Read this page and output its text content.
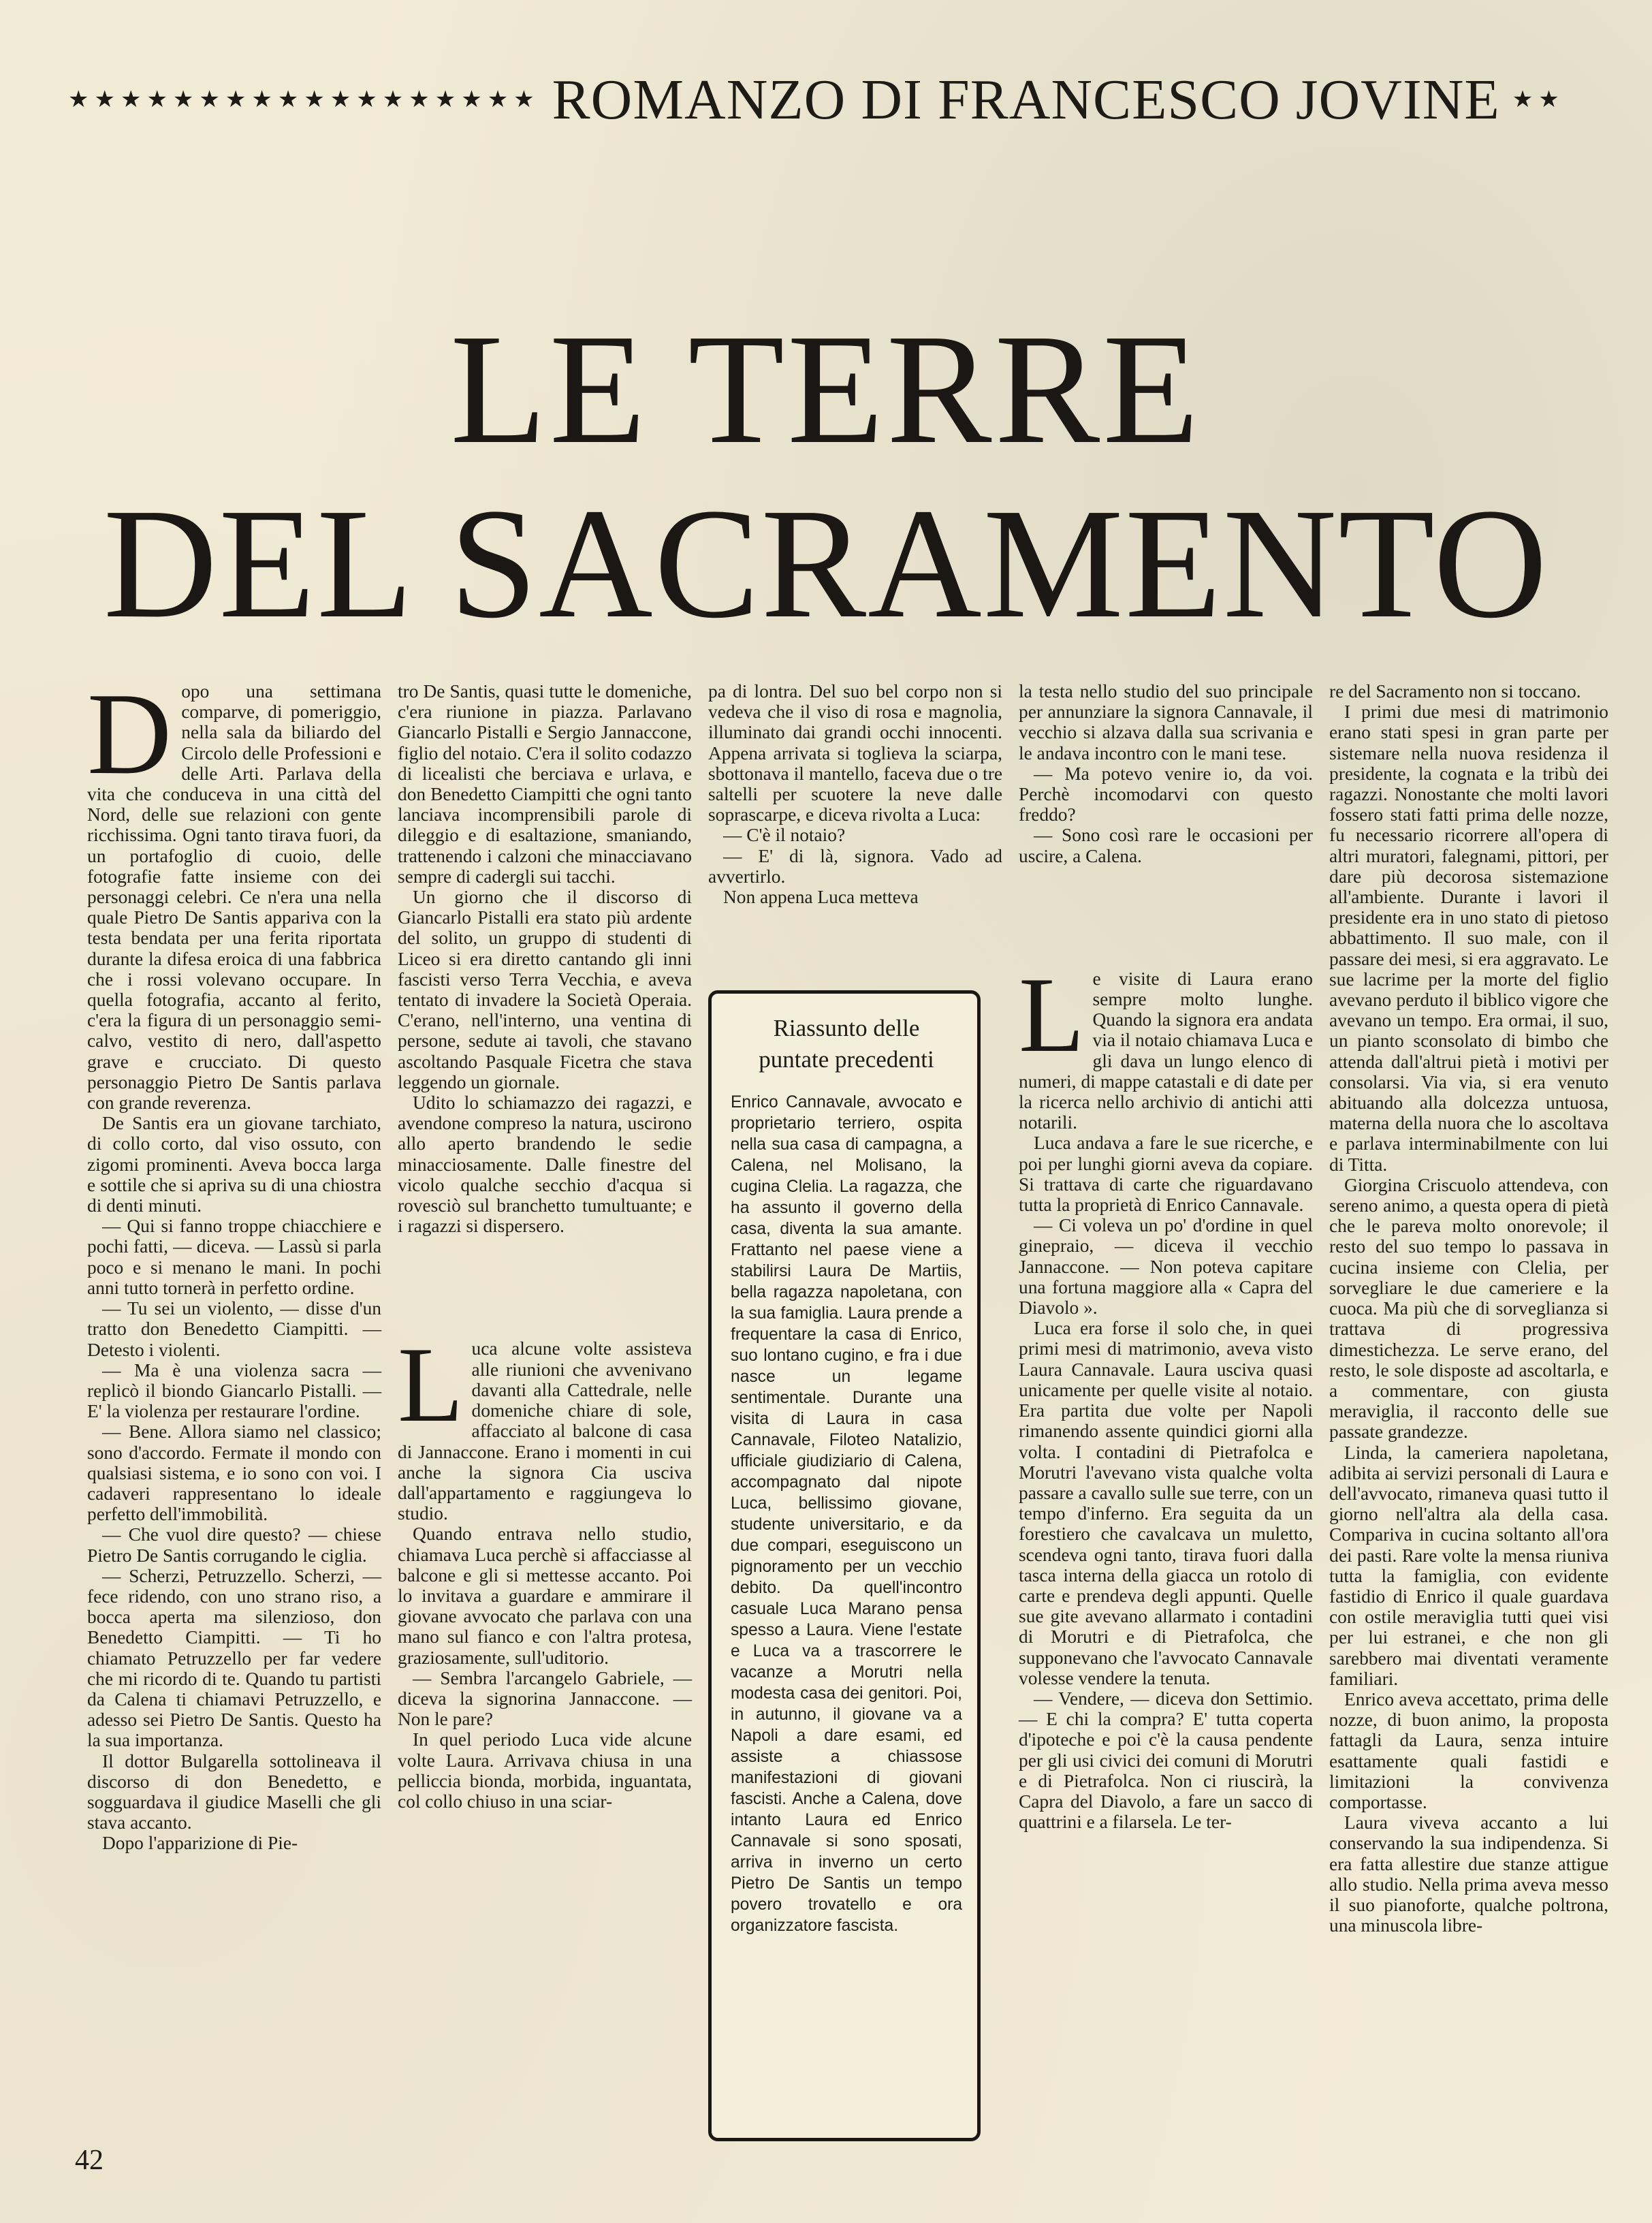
★★★★★★★★★★★★★★★★★★ ROMANZO DI FRANCESCO JOVINE ★★
LE TERRE
DEL SACRAMENTO
D opo una settimana comparve, di pomeriggio, nella sala da biliardo del Circolo delle Professioni e delle Arti. Parlava della vita che conduceva in una città del Nord, delle sue relazioni con gente ricchissima. Ogni tanto tirava fuori, da un portafoglio di cuoio, delle fotografie fatte insieme con dei personaggi celebri. Ce n'era una nella quale Pietro De Santis appariva con la testa bendata per una ferita riportata durante la difesa eroica di una fabbrica che i rossi volevano occupare. In quella fotografia, accanto al ferito, c'era la figura di un personaggio semi-calvo, vestito di nero, dall'aspetto grave e crucciato. Di questo personaggio Pietro De Santis parlava con grande reverenza.

De Santis era un giovane tarchiato, di collo corto, dal viso ossuto, con zigomi prominenti. Aveva bocca larga e sottile che si apriva su di una chiostra di denti minuti.

— Qui si fanno troppe chiacchiere e pochi fatti, — diceva. — Lassù si parla poco e si menano le mani. In pochi anni tutto tornerà in perfetto ordine.

— Tu sei un violento, — disse d'un tratto don Benedetto Ciampitti. — Detesto i violenti.

— Ma è una violenza sacra — replicò il biondo Giancarlo Pistalli. — E' la violenza per restaurare l'ordine.

— Bene. Allora siamo nel classico; sono d'accordo. Fermate il mondo con qualsiasi sistema, e io sono con voi. I cadaveri rappresentano lo ideale perfetto dell'immobilità.

— Che vuol dire questo? — chiese Pietro De Santis corrugando le ciglia.

— Scherzi, Petruzzello. Scherzi, — fece ridendo, con uno strano riso, a bocca aperta ma silenzioso, don Benedetto Ciampitti. — Ti ho chiamato Petruzzello per far vedere che mi ricordo di te. Quando tu partisti da Calena ti chiamavi Petruzzello, e adesso sei Pietro De Santis. Questo ha la sua importanza.

Il dottor Bulgarella sottolineava il discorso di don Benedetto, e sogguardava il giudice Maselli che gli stava accanto.

Dopo l'apparizione di Pie-

tro De Santis, quasi tutte le domeniche, c'era riunione in piazza. Parlavano Giancarlo Pistalli e Sergio Jannaccone, figlio del notaio. C'era il solito codazzo di licealisti che berciava e urlava, e don Benedetto Ciampitti che ogni tanto lanciava incomprensibili parole di dileggio e di esaltazione, smaniando, trattenendo i calzoni che minacciavano sempre di cadergli sui tacchi.

Un giorno che il discorso di Giancarlo Pistalli era stato più ardente del solito, un gruppo di studenti di Liceo si era diretto cantando gli inni fascisti verso Terra Vecchia, e aveva tentato di invadere la Società Operaia. C'erano, nell'interno, una ventina di persone, sedute ai tavoli, che stavano ascoltando Pasquale Ficetra che stava leggendo un giornale.

Udito lo schiamazzo dei ragazzi, e avendone compreso la natura, uscirono allo aperto brandendo le sedie minacciosamente. Dalle finestre del vicolo qualche secchio d'acqua si rovesciò sul branchetto tumultuante; e i ragazzi si dispersero.

L uca alcune volte assisteva alle riunioni che avvenivano davanti alla Cattedrale, nelle domeniche chiare di sole, affacciato al balcone di casa di Jannaccone. Erano i momenti in cui anche la signora Cia usciva dall'appartamento e raggiungeva lo studio.

Quando entrava nello studio, chiamava Luca perchè si affacciasse al balcone e gli si mettesse accanto. Poi lo invitava a guardare e ammirare il giovane avvocato che parlava con una mano sul fianco e con l'altra protesa, graziosamente, sull'uditorio.

— Sembra l'arcangelo Gabriele, — diceva la signorina Jannaccone. — Non le pare?

In quel periodo Luca vide alcune volte Laura. Arrivava chiusa in una pelliccia bionda, morbida, inguantata, col collo chiuso in una sciar-

pa di lontra. Del suo bel corpo non si vedeva che il viso di rosa e magnolia, illuminato dai grandi occhi innocenti. Appena arrivata si toglieva la sciarpa, sbottonava il mantello, faceva due o tre saltelli per scuotere la neve dalle soprascarpe, e diceva rivolta a Luca:

— C'è il notaio?

— E' di là, signora. Vado ad avvertirlo.

Non appena Luca metteva

Riassunto delle
puntate precedenti

Enrico Cannavale, avvocato e proprietario terriero, ospita nella sua casa di campagna, a Calena, nel Molisano, la cugina Clelia. La ragazza, che ha assunto il governo della casa, diventa la sua amante. Frattanto nel paese viene a stabilirsi Laura De Martiis, bella ragazza napoletana, con la sua famiglia. Laura prende a frequentare la casa di Enrico, suo lontano cugino, e fra i due nasce un legame sentimentale. Durante una visita di Laura in casa Cannavale, Filoteo Natalizio, ufficiale giudiziario di Calena, accompagnato dal nipote Luca, bellissimo giovane, studente universitario, e da due compari, eseguiscono un pignoramento per un vecchio debito. Da quell'incontro casuale Luca Marano pensa spesso a Laura. Viene l'estate e Luca va a trascorrere le vacanze a Morutri nella modesta casa dei genitori. Poi, in autunno, il giovane va a Napoli a dare esami, ed assiste a chiassose manifestazioni di giovani fascisti. Anche a Calena, dove intanto Laura ed Enrico Cannavale si sono sposati, arriva in inverno un certo Pietro De Santis un tempo povero trovatello e ora organizzatore fascista.

la testa nello studio del suo principale per annunziare la signora Cannavale, il vecchio si alzava dalla sua scrivania e le andava incontro con le mani tese.

— Ma potevo venire io, da voi. Perchè incomodarvi con questo freddo?

— Sono così rare le occasioni per uscire, a Calena.

L e visite di Laura erano sempre molto lunghe. Quando la signora era andata via il notaio chiamava Luca e gli dava un lungo elenco di numeri, di mappe catastali e di date per la ricerca nello archivio di antichi atti notarili.

Luca andava a fare le sue ricerche, e poi per lunghi giorni aveva da copiare. Si trattava di carte che riguardavano tutta la proprietà di Enrico Cannavale.

— Ci voleva un po' d'ordine in quel ginepraio, — diceva il vecchio Jannaccone. — Non poteva capitare una fortuna maggiore alla « Capra del Diavolo ».

Luca era forse il solo che, in quei primi mesi di matrimonio, aveva visto Laura Cannavale. Laura usciva quasi unicamente per quelle visite al notaio. Era partita due volte per Napoli rimanendo assente quindici giorni alla volta. I contadini di Pietrafolca e Morutri l'avevano vista qualche volta passare a cavallo sulle sue terre, con un tempo d'inferno. Era seguita da un forestiero che cavalcava un muletto, scendeva ogni tanto, tirava fuori dalla tasca interna della giacca un rotolo di carte e prendeva degli appunti. Quelle sue gite avevano allarmato i contadini di Morutri e di Pietrafolca, che supponevano che l'avvocato Cannavale volesse vendere la tenuta.

— Vendere, — diceva don Settimio. — E chi la compra? E' tutta coperta d'ipoteche e poi c'è la causa pendente per gli usi civici dei comuni di Morutri e di Pietrafolca. Non ci riuscirà, la Capra del Diavolo, a fare un sacco di quattrini e a filarsela. Le ter-

re del Sacramento non si toccano.

I primi due mesi di matrimonio erano stati spesi in gran parte per sistemare nella nuova residenza il presidente, la cognata e la tribù dei ragazzi. Nonostante che molti lavori fossero stati fatti prima delle nozze, fu necessario ricorrere all'opera di altri muratori, falegnami, pittori, per dare più decorosa sistemazione all'ambiente. Durante i lavori il presidente era in uno stato di pietoso abbattimento. Il suo male, con il passare dei mesi, si era aggravato. Le sue lacrime per la morte del figlio avevano perduto il biblico vigore che avevano un tempo. Era ormai, il suo, un pianto sconsolato di bimbo che attenda dall'altrui pietà i motivi per consolarsi. Via via, si era venuto abituando alla dolcezza untuosa, materna della nuora che lo ascoltava e parlava interminabilmente con lui di Titta.

Giorgina Criscuolo attendeva, con sereno animo, a questa opera di pietà che le pareva molto onorevole; il resto del suo tempo lo passava in cucina insieme con Clelia, per sorvegliare le due cameriere e la cuoca. Ma più che di sorveglianza si trattava di progressiva dimestichezza. Le serve erano, del resto, le sole disposte ad ascoltarla, e a commentare, con giusta meraviglia, il racconto delle sue passate grandezze.

Linda, la cameriera napoletana, adibita ai servizi personali di Laura e dell'avvocato, rimaneva quasi tutto il giorno nell'altra ala della casa. Compariva in cucina soltanto all'ora dei pasti. Rare volte la mensa riuniva tutta la famiglia, con evidente fastidio di Enrico il quale guardava con ostile meraviglia tutti quei visi per lui estranei, e che non gli sarebbero mai diventati veramente familiari.

Enrico aveva accettato, prima delle nozze, di buon animo, la proposta fattagli da Laura, senza intuire esattamente quali fastidi e limitazioni la convivenza comportasse.

Laura viveva accanto a lui conservando la sua indipendenza. Si era fatta allestire due stanze attigue allo studio. Nella prima aveva messo il suo pianoforte, qualche poltrona, una minuscola libre-

42
